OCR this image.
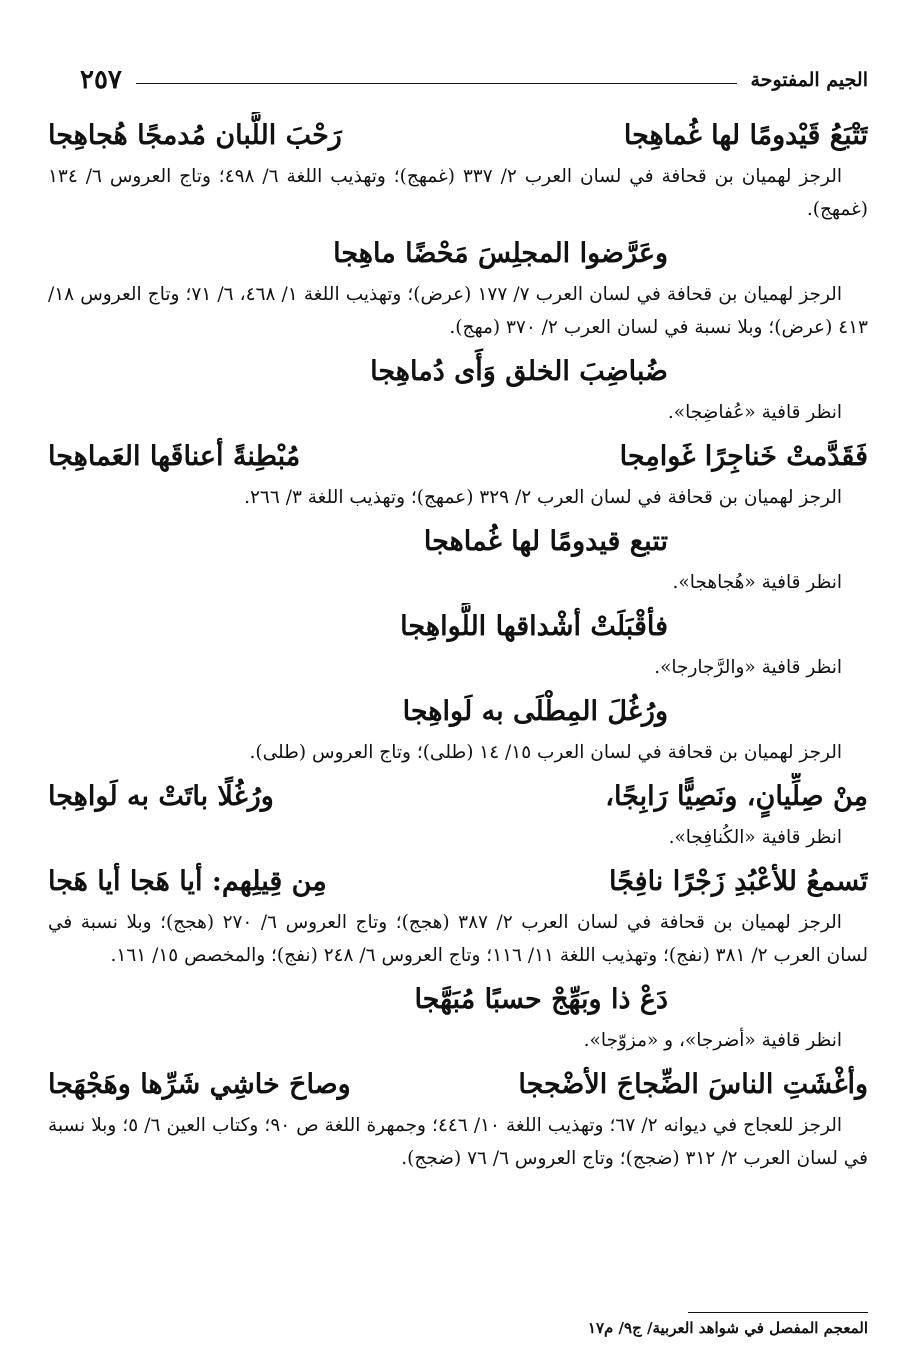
الجيم المفتوحة
٢٥٧
تَتْبَعُ قَيْدومًا لها غُماهِجا
رَحْبَ اللَّبان مُدمجًا هُجاهِجا
الرجز لهميان بن قحافة في لسان العرب ٢/ ٣٣٧ (غمهج)؛ وتهذيب اللغة ٦/ ٤٩٨؛ وتاج العروس ٦/ ١٣٤ (غمهج).
وعَرَّضوا المجلِسَ مَحْضًا ماهِجا
الرجز لهميان بن قحافة في لسان العرب ٧/ ١٧٧ (عرض)؛ وتهذيب اللغة ١/ ٤٦٨، ٦/ ٧١؛ وتاج العروس ١٨/ ٤١٣ (عرض)؛ وبلا نسبة في لسان العرب ٢/ ٣٧٠ (مهج).
ضُباضِبَ الخلق وَأَى دُماهِجا
انظر قافية «عُفاضِجا».
فَقَدَّمتْ خَناجِرًا غَوامِجا
مُبْطِنةً أعناقَها العَماهِجا
الرجز لهميان بن قحافة في لسان العرب ٢/ ٣٢٩ (عمهج)؛ وتهذيب اللغة ٣/ ٢٦٦.
تتبع قيدومًا لها غُماهجا
انظر قافية «هُجاهجا».
فأقْبَلَتْ أشْداقها اللَّواهِجا
انظر قافية «والرَّجارجا».
ورُغُلَ المِطْلَى به لَواهِجا
الرجز لهميان بن قحافة في لسان العرب ١٥/ ١٤ (طلى)؛ وتاج العروس (طلى).
مِنْ صِلِّيانٍ، ونَصِيًّا رَابِجًا،
ورُغُلًا باتَتْ به لَواهِجا
انظر قافية «الكُنافِجا».
تَسمعُ للأعْبُدِ زَجْرًا نافِجًا
مِن قِيلِهم: أيا هَجا أيا هَجا
الرجز لهميان بن قحافة في لسان العرب ٢/ ٣٨٧ (هجج)؛ وتاج العروس ٦/ ٢٧٠ (هجج)؛ وبلا نسبة في لسان العرب ٢/ ٣٨١ (نفج)؛ وتهذيب اللغة ١١/ ١١٦؛ وتاج العروس ٦/ ٢٤٨ (نفج)؛ والمخصص ١٥/ ١٦١.
دَعْ ذا وبَهِّجْ حسبًا مُبَهَّجا
انظر قافية «أضرجا»، و «مزوّجا».
وأغْشَتِ الناسَ الضِّجاجَ الأضْججا
وصاحَ خاشِي شَرِّها وهَجْهَجا
الرجز للعجاج في ديوانه ٢/ ٦٧؛ وتهذيب اللغة ١٠/ ٤٤٦؛ وجمهرة اللغة ص ٩٠؛ وكتاب العين ٦/ ٥؛ وبلا نسبة في لسان العرب ٢/ ٣١٢ (ضجج)؛ وتاج العروس ٦/ ٧٦ (ضجج).
المعجم المفصل في شواهد العربية/ ج٩/ م١٧
